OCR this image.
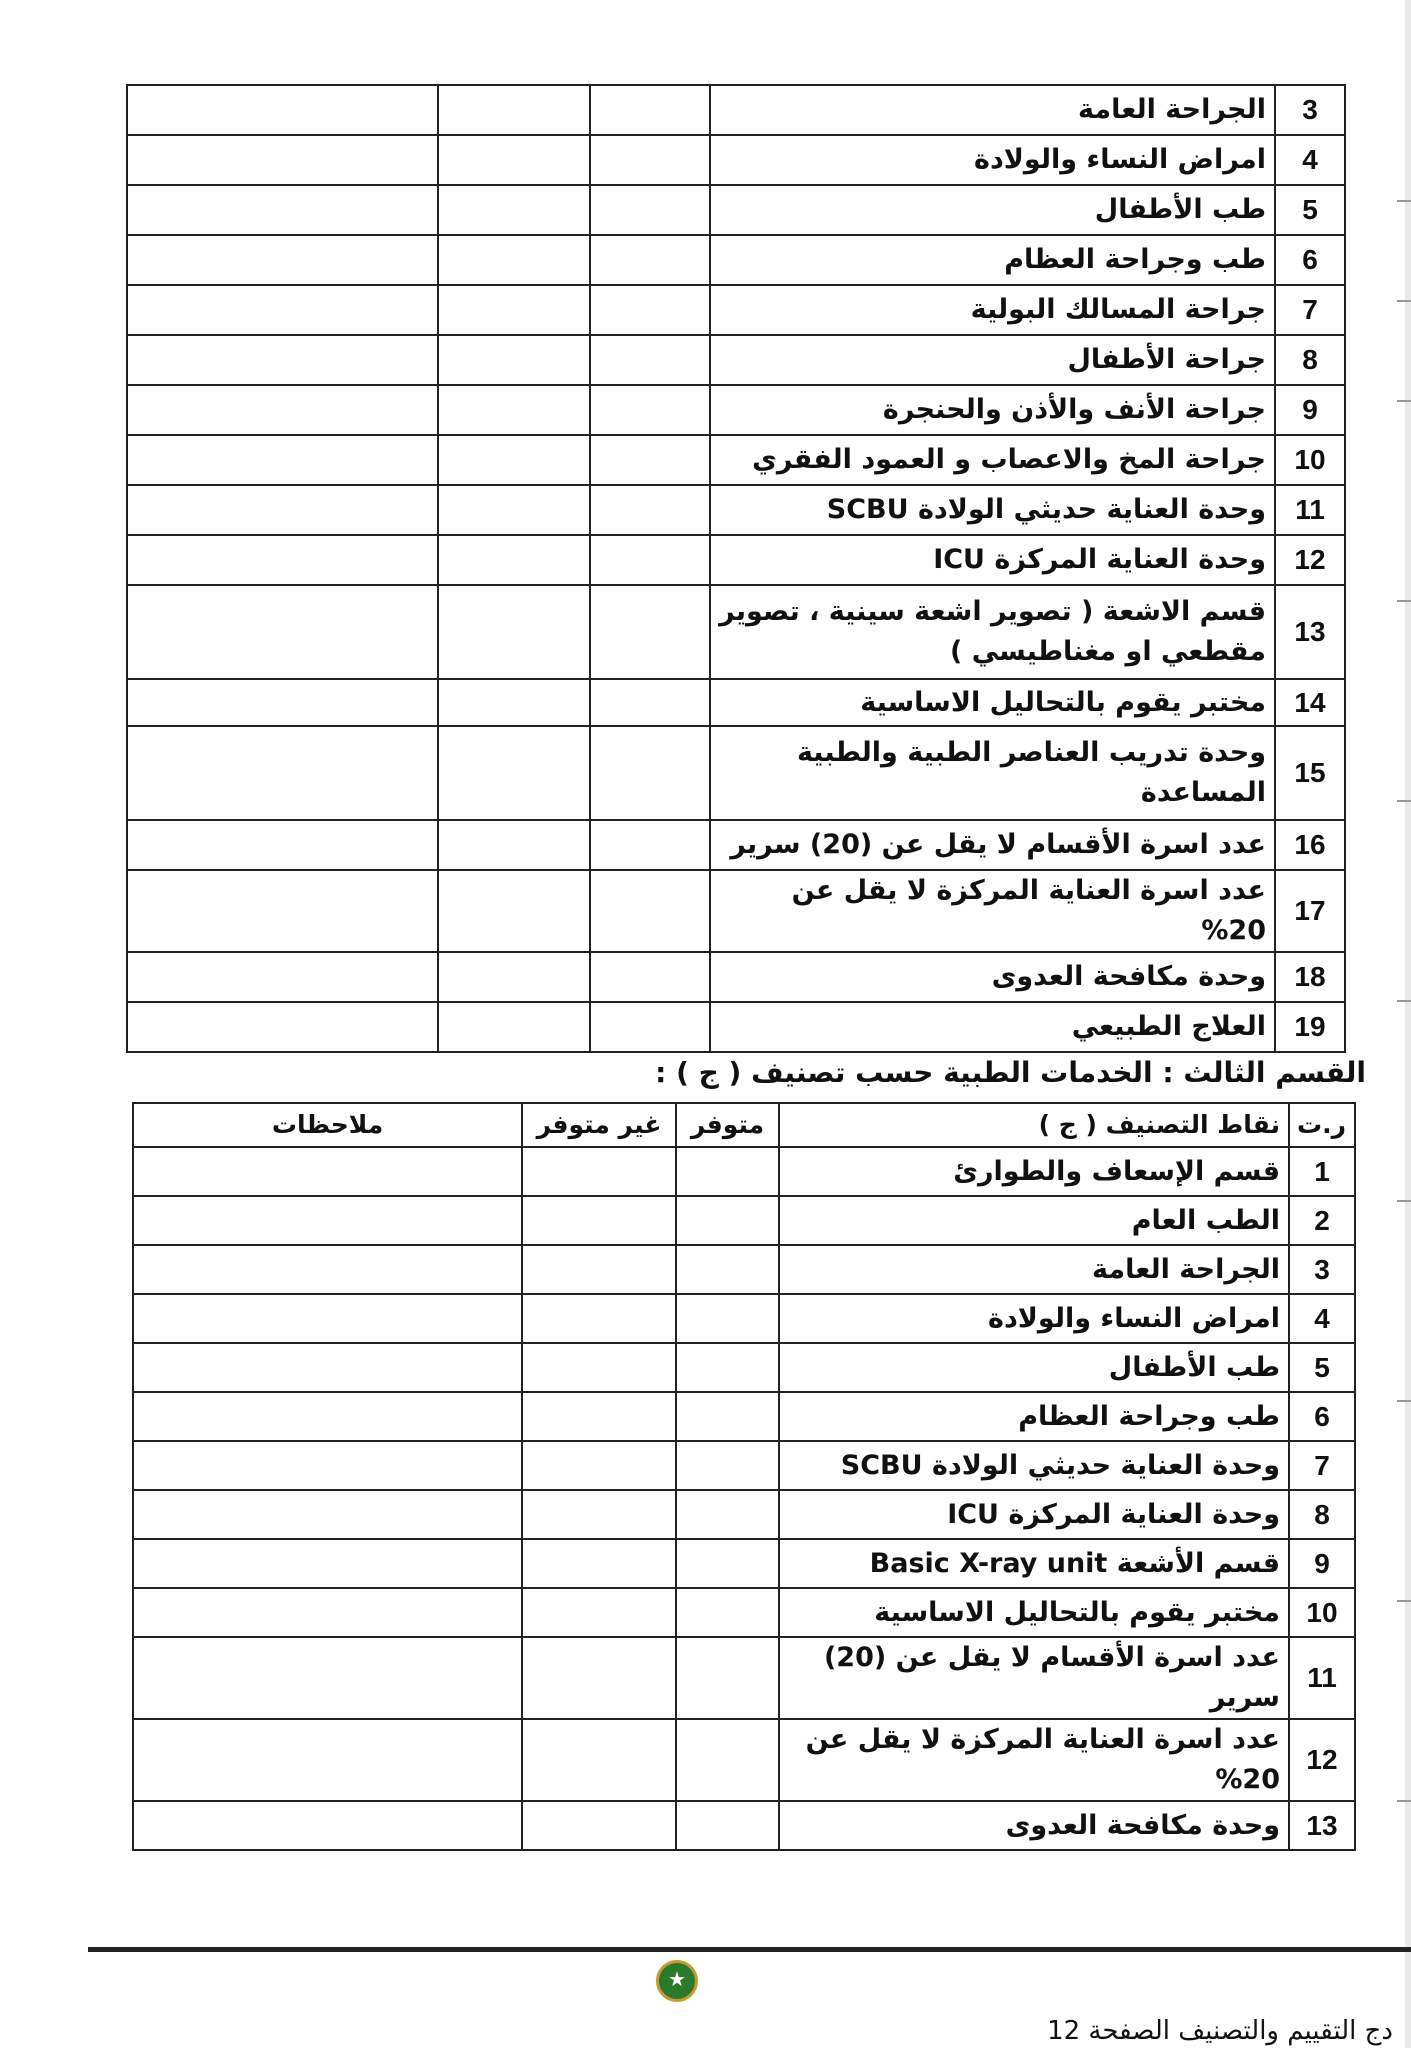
3	الجراحة العامة			
4	امراض النساء والولادة			
5	طب الأطفال			
6	طب وجراحة العظام			
7	جراحة المسالك البولية			
8	جراحة الأطفال			
9	جراحة الأنف والأذن والحنجرة			
10	جراحة المخ والاعصاب و العمود الفقري			
11	وحدة العناية حديثي الولادة SCBU			
12	وحدة العناية المركزة ICU			
13	قسم الاشعة ( تصوير اشعة سينية ، تصوير مقطعي او مغناطيسي )			
14	مختبر يقوم بالتحاليل الاساسية			
15	وحدة تدريب العناصر الطبية والطبية المساعدة			
16	عدد اسرة الأقسام لا يقل عن (20) سرير			
17	عدد اسرة العناية المركزة لا يقل عن 20%			
18	وحدة مكافحة العدوى			
19	العلاج الطبيعي			
القسم الثالث : الخدمات الطبية حسب تصنيف ( ج ) :
ر.ت	نقاط التصنيف ( ج )	متوفر	غير متوفر	ملاحظات
1	قسم الإسعاف والطوارئ			
2	الطب العام			
3	الجراحة العامة			
4	امراض النساء والولادة			
5	طب الأطفال			
6	طب وجراحة العظام			
7	وحدة العناية حديثي الولادة SCBU			
8	وحدة العناية المركزة ICU			
9	قسم الأشعة Basic X-ray unit			
10	مختبر يقوم بالتحاليل الاساسية			
11	عدد اسرة الأقسام لا يقل عن (20) سرير			
12	عدد اسرة العناية المركزة لا يقل عن 20%			
13	وحدة مكافحة العدوى			
★
دج التقييم والتصنيف الصفحة 12
